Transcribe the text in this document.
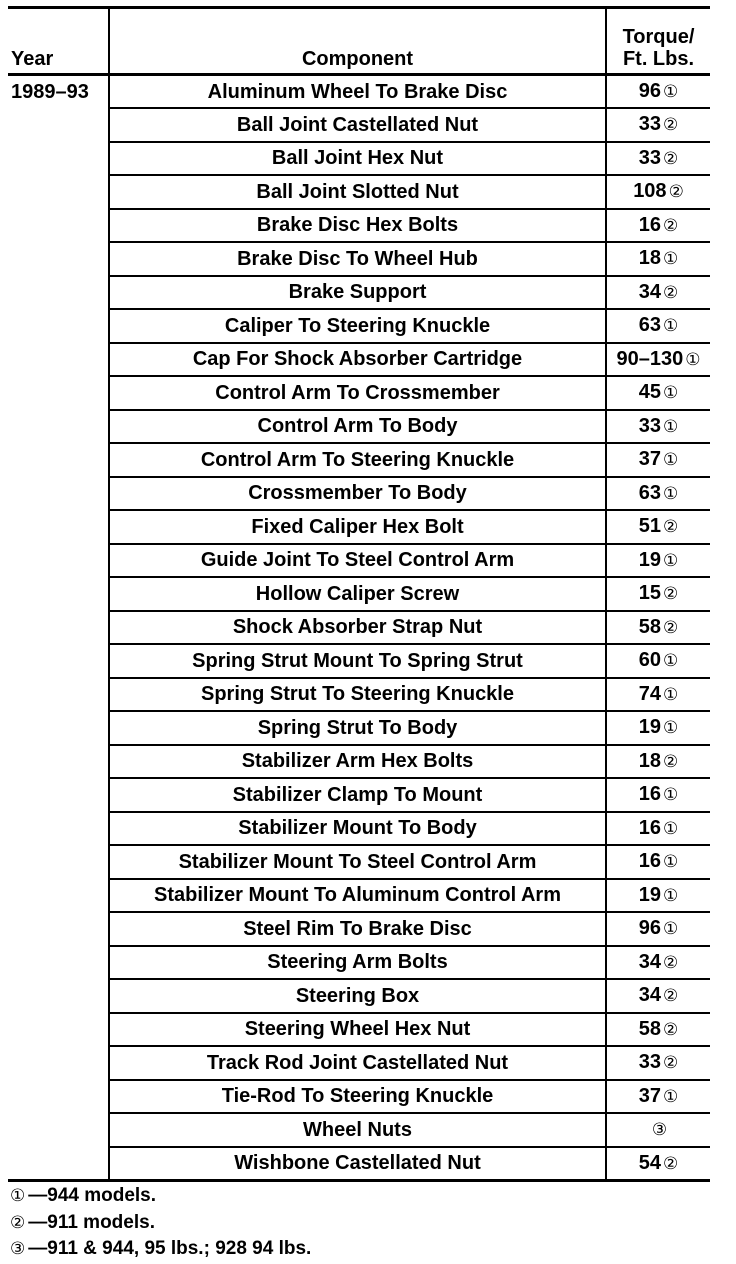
Year	Component	Torque/
Ft. Lbs.

1989–93	Aluminum Wheel To Brake Disc	96 ①
	Ball Joint Castellated Nut	33 ②
	Ball Joint Hex Nut	33 ②
	Ball Joint Slotted Nut	108 ②
	Brake Disc Hex Bolts	16 ②
	Brake Disc To Wheel Hub	18 ①
	Brake Support	34 ②
	Caliper To Steering Knuckle	63 ①
	Cap For Shock Absorber Cartridge	90–130 ①
	Control Arm To Crossmember	45 ①
	Control Arm To Body	33 ①
	Control Arm To Steering Knuckle	37 ①
	Crossmember To Body	63 ①
	Fixed Caliper Hex Bolt	51 ②
	Guide Joint To Steel Control Arm	19 ①
	Hollow Caliper Screw	15 ②
	Shock Absorber Strap Nut	58 ②
	Spring Strut Mount To Spring Strut	60 ①
	Spring Strut To Steering Knuckle	74 ①
	Spring Strut To Body	19 ①
	Stabilizer Arm Hex Bolts	18 ②
	Stabilizer Clamp To Mount	16 ①
	Stabilizer Mount To Body	16 ①
	Stabilizer Mount To Steel Control Arm	16 ①
	Stabilizer Mount To Aluminum Control Arm	19 ①
	Steel Rim To Brake Disc	96 ①
	Steering Arm Bolts	34 ②
	Steering Box	34 ②
	Steering Wheel Hex Nut	58 ②
	Track Rod Joint Castellated Nut	33 ②
	Tie-Rod To Steering Knuckle	37 ①
	Wheel Nuts	③
	Wishbone Castellated Nut	54 ②
① —944 models.
② —911 models.
③ —911 & 944, 95 lbs.; 928 94 lbs.
